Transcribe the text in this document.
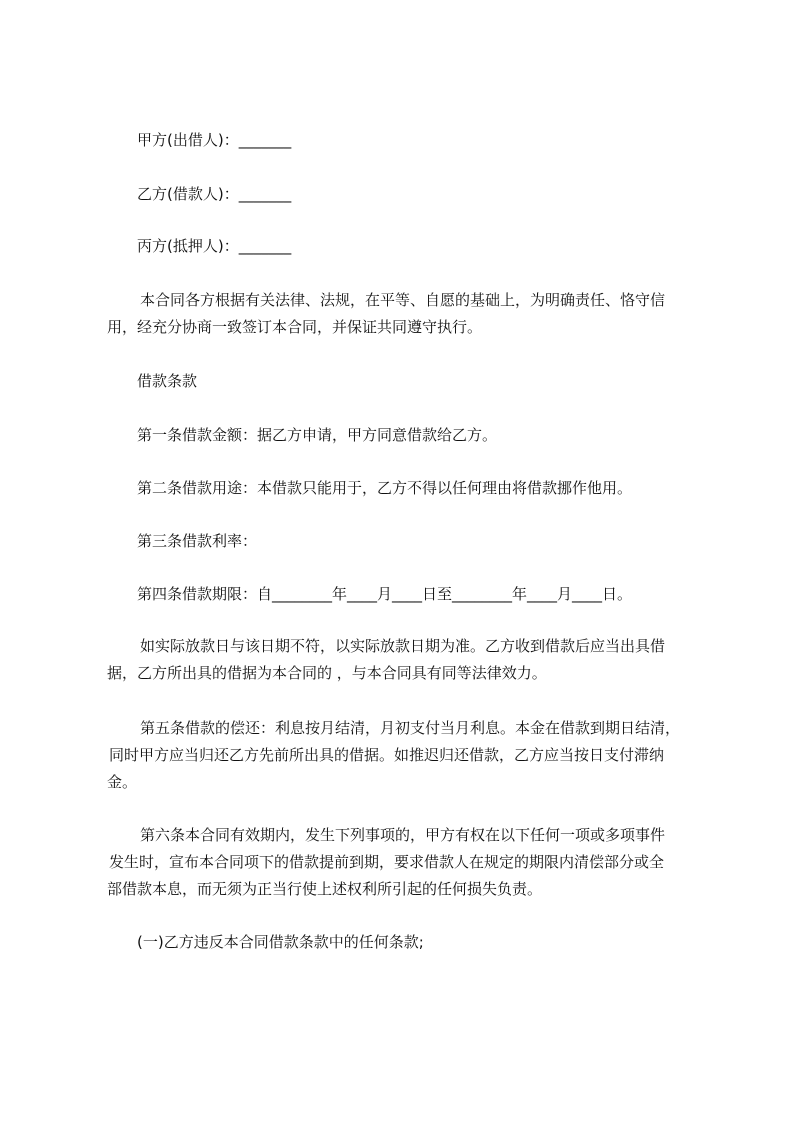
甲方(出借人)：_______
乙方(借款人)：_______
丙方(抵押人)：_______
本合同各方根据有关法律、法规，在平等、自愿的基础上，为明确责任、恪守信
用，经充分协商一致签订本合同，并保证共同遵守执行。
借款条款
第一条借款金额：据乙方申请，甲方同意借款给乙方。
第二条借款用途：本借款只能用于，乙方不得以任何理由将借款挪作他用。
第三条借款利率：
第四条借款期限：自________年____月____日至________年____月____日。
如实际放款日与该日期不符，以实际放款日期为准。乙方收到借款后应当出具借
据，乙方所出具的借据为本合同的 ，与本合同具有同等法律效力。
第五条借款的偿还：利息按月结清，月初支付当月利息。本金在借款到期日结清，
同时甲方应当归还乙方先前所出具的借据。如推迟归还借款，乙方应当按日支付滞纳
金。
第六条本合同有效期内，发生下列事项的，甲方有权在以下任何一项或多项事件
发生时，宣布本合同项下的借款提前到期，要求借款人在规定的期限内清偿部分或全
部借款本息，而无须为正当行使上述权利所引起的任何损失负责。
(一)乙方违反本合同借款条款中的任何条款;
